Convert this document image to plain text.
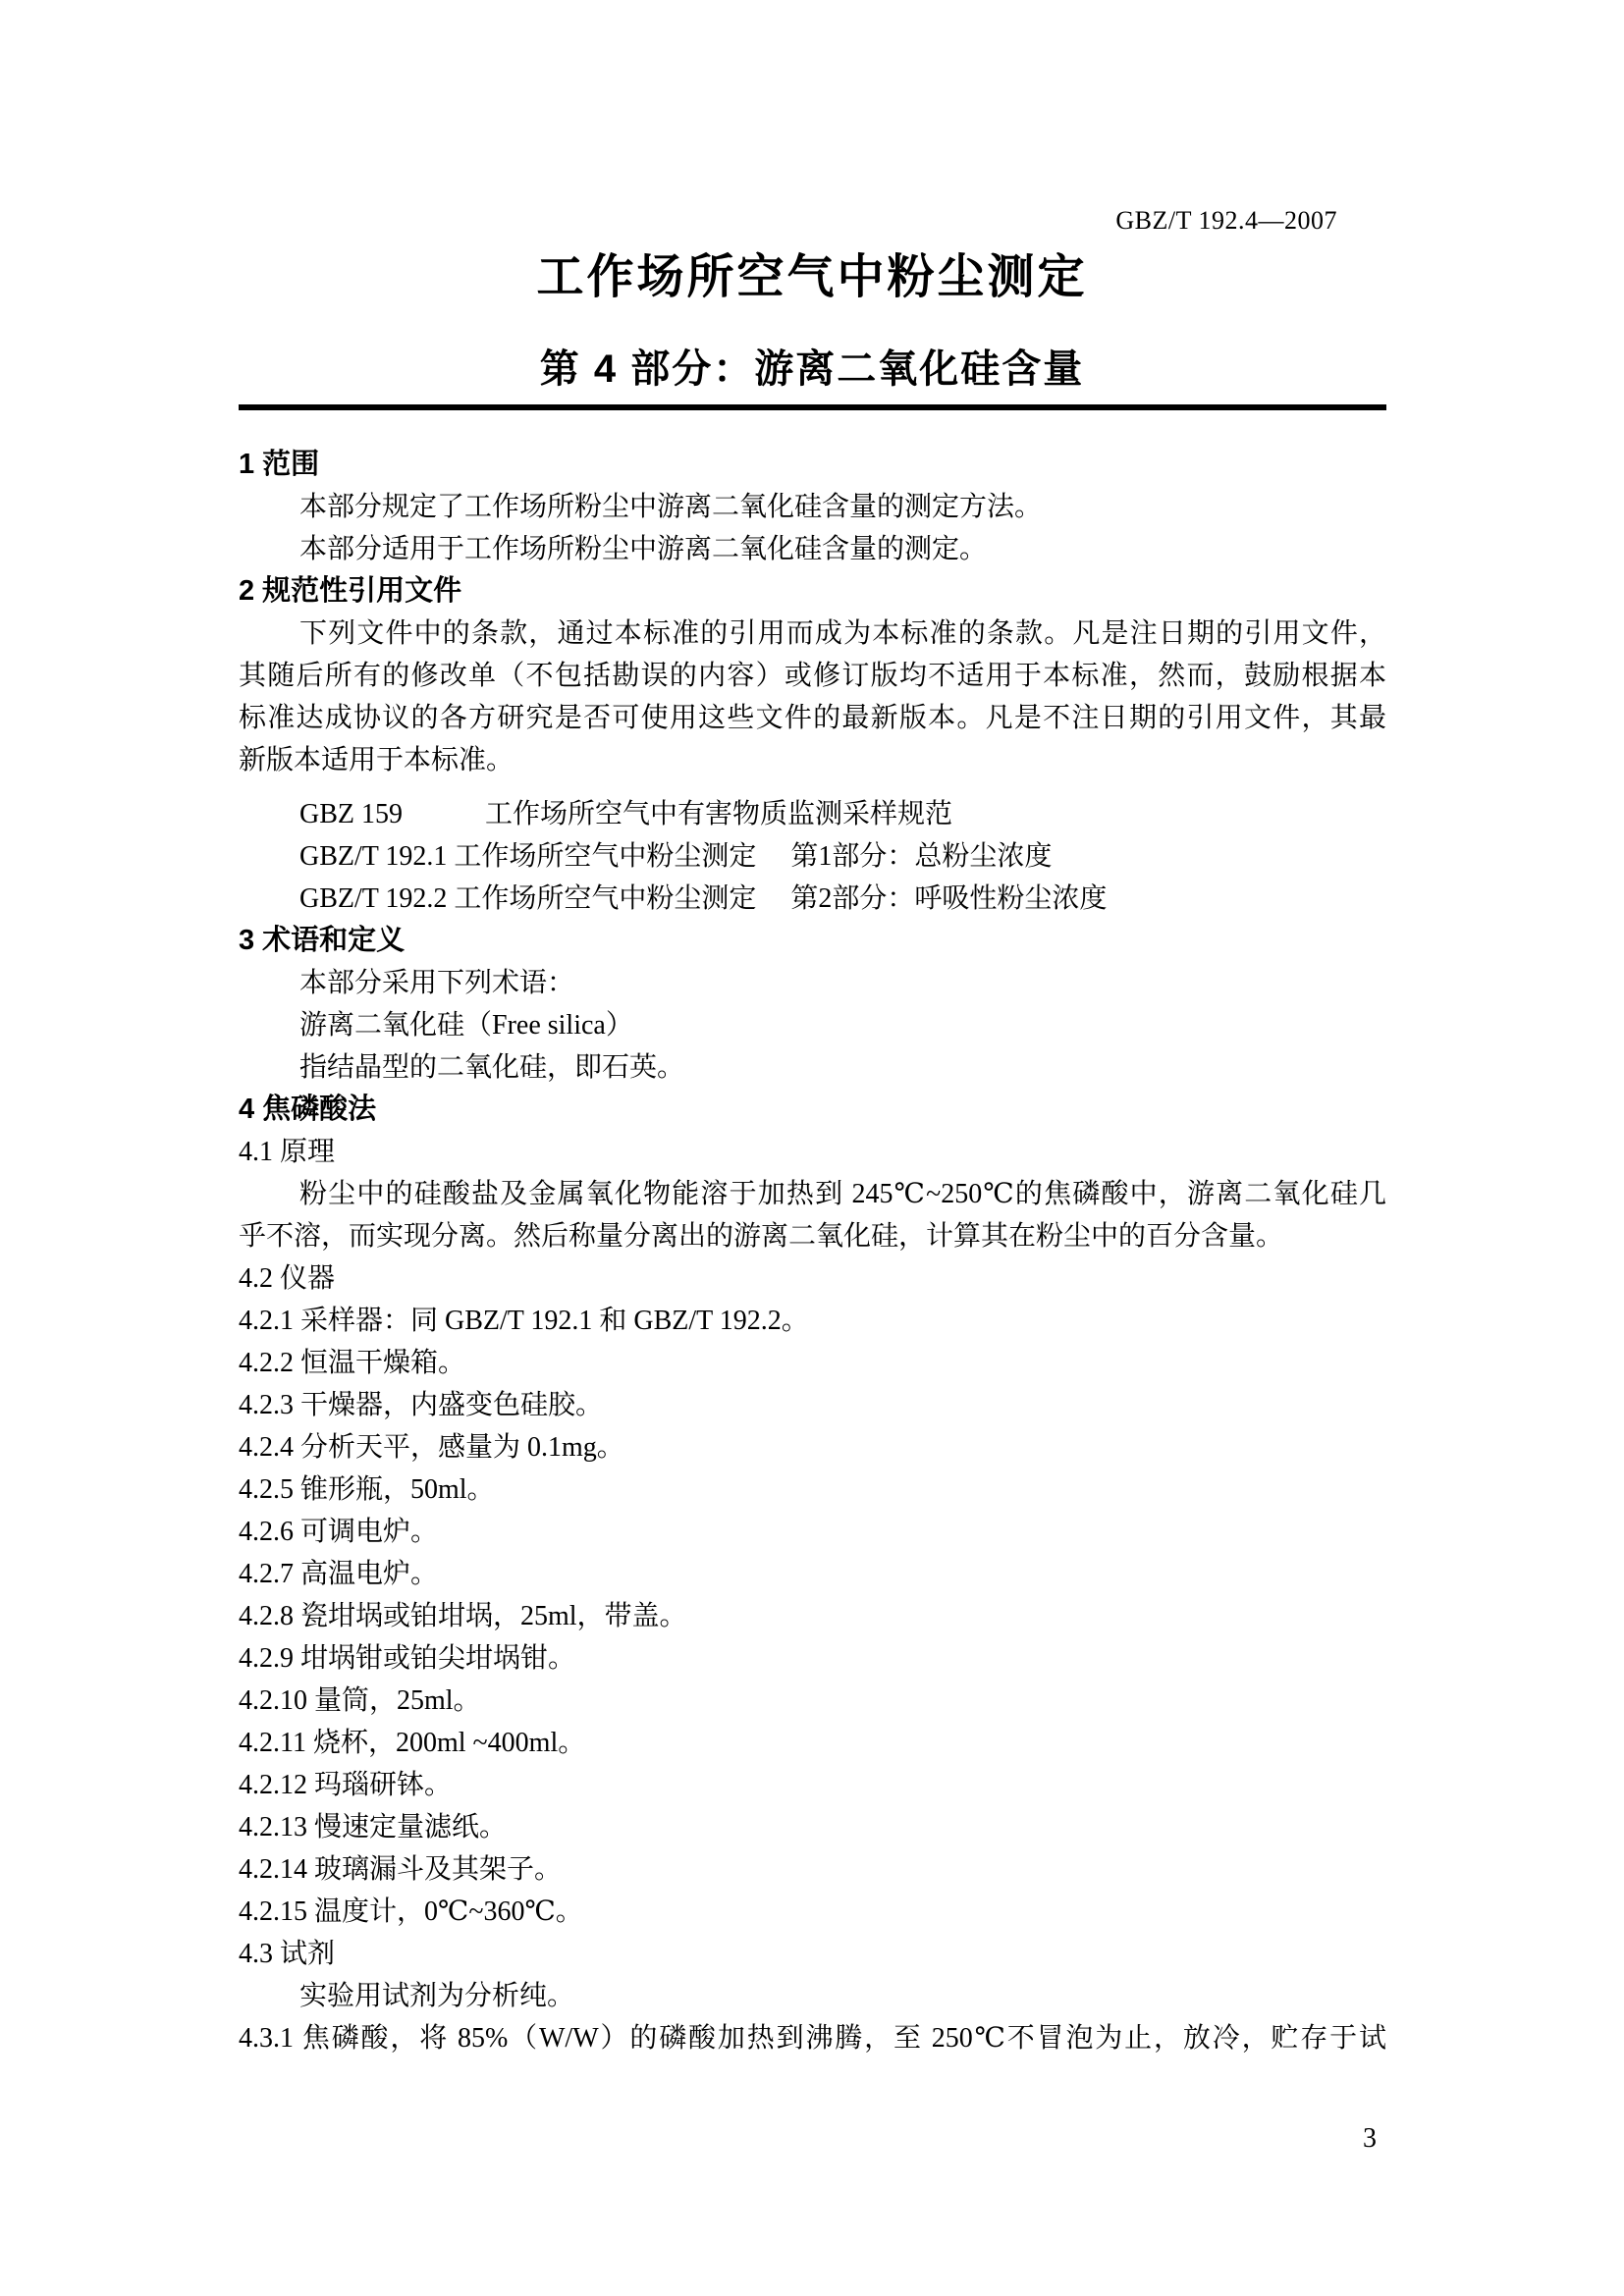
GBZ/T 192.4—2007
工作场所空气中粉尘测定
第 4 部分：游离二氧化硅含量
1 范围
本部分规定了工作场所粉尘中游离二氧化硅含量的测定方法。
本部分适用于工作场所粉尘中游离二氧化硅含量的测定。
2 规范性引用文件
下列文件中的条款，通过本标准的引用而成为本标准的条款。凡是注日期的引用文件，
其随后所有的修改单（不包括勘误的内容）或修订版均不适用于本标准，然而，鼓励根据本
标准达成协议的各方研究是否可使用这些文件的最新版本。凡是不注日期的引用文件，其最
新版本适用于本标准。
GBZ 159　　　工作场所空气中有害物质监测采样规范
GBZ/T 192.1 工作场所空气中粉尘测定　 第1部分：总粉尘浓度
GBZ/T 192.2 工作场所空气中粉尘测定　 第2部分：呼吸性粉尘浓度
3 术语和定义
本部分采用下列术语：
游离二氧化硅（Free silica）
指结晶型的二氧化硅，即石英。
4 焦磷酸法
4.1 原理
粉尘中的硅酸盐及金属氧化物能溶于加热到 245℃~250℃的焦磷酸中，游离二氧化硅几
乎不溶，而实现分离。然后称量分离出的游离二氧化硅，计算其在粉尘中的百分含量。
4.2 仪器
4.2.1 采样器：同 GBZ/T 192.1 和 GBZ/T 192.2。
4.2.2 恒温干燥箱。
4.2.3 干燥器，内盛变色硅胶。
4.2.4 分析天平，感量为 0.1mg。
4.2.5 锥形瓶，50ml。
4.2.6 可调电炉。
4.2.7 高温电炉。
4.2.8 瓷坩埚或铂坩埚，25ml，带盖。
4.2.9 坩埚钳或铂尖坩埚钳。
4.2.10 量筒，25ml。
4.2.11 烧杯，200ml ~400ml。
4.2.12 玛瑙研钵。
4.2.13 慢速定量滤纸。
4.2.14 玻璃漏斗及其架子。
4.2.15 温度计，0℃~360℃。
4.3 试剂
实验用试剂为分析纯。
4.3.1 焦磷酸，将 85%（W/W）的磷酸加热到沸腾，至 250℃不冒泡为止，放冷，贮存于试
3
